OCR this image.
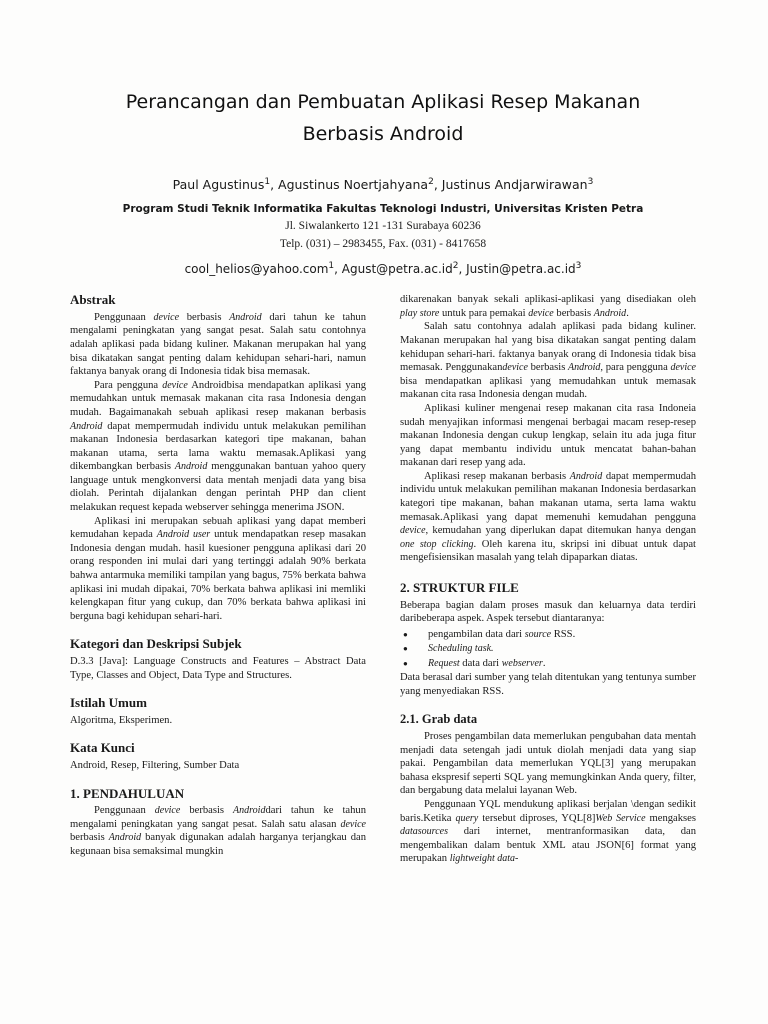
Perancangan dan Pembuatan Aplikasi Resep Makanan
Berbasis Android
Paul Agustinus$^1$, Agustinus Noertjahyana$^2$, Justinus Andjarwirawan$^3$
Program Studi Teknik Informatika Fakultas Teknologi Industri, Universitas Kristen Petra
Jl. Siwalankerto 121 -131 Surabaya 60236
Telp. (031) – 2983455, Fax. (031) - 8417658
cool_helios@yahoo.com$^1$, $Agust@petra.ac.id^2$, $Justin@petra.ac.id^3$
Abstrak

Penggunaan device berbasis Android dari tahun ke tahun mengalami peningkatan yang sangat pesat. Salah satu contohnya adalah aplikasi pada bidang kuliner. Makanan merupakan hal yang bisa dikatakan sangat penting dalam kehidupan sehari-hari, namun faktanya banyak orang di Indonesia tidak bisa memasak.

Para pengguna device Androidbisa mendapatkan aplikasi yang memudahkan untuk memasak makanan cita rasa Indonesia dengan mudah. Bagaimanakah sebuah aplikasi resep makanan berbasis Android dapat mempermudah individu untuk melakukan pemilihan makanan Indonesia berdasarkan kategori tipe makanan, bahan makanan utama, serta lama waktu memasak.Aplikasi yang dikembangkan berbasis Android menggunakan bantuan yahoo query language untuk mengkonversi data mentah menjadi data yang bisa diolah. Perintah dijalankan dengan perintah PHP dan client melakukan request kepada webserver sehingga menerima JSON.

Aplikasi ini merupakan sebuah aplikasi yang dapat memberi kemudahan kepada Android user untuk mendapatkan resep masakan Indonesia dengan mudah. hasil kuesioner pengguna aplikasi dari 20 orang responden ini mulai dari yang tertinggi adalah 90% berkata bahwa antarmuka memiliki tampilan yang bagus, 75% berkata bahwa aplikasi ini mudah dipakai, 70% berkata bahwa aplikasi ini memliki kelengkapan fitur yang cukup, dan 70% berkata bahwa aplikasi ini berguna bagi kehidupan sehari-hari.

Kategori dan Deskripsi Subjek

D.3.3 [Java]: Language Constructs and Features – Abstract Data Type, Classes and Object, Data Type and Structures.

Istilah Umum

Algoritma, Eksperimen.

Kata Kunci

Android, Resep, Filtering, Sumber Data

1. PENDAHULUAN

Penggunaan device berbasis Androiddari tahun ke tahun mengalami peningkatan yang sangat pesat. Salah satu alasan device berbasis Android banyak digunakan adalah harganya terjangkau dan kegunaan bisa semaksimal mungkin

dikarenakan banyak sekali aplikasi-aplikasi yang disediakan oleh play store untuk para pemakai device berbasis Android.

Salah satu contohnya adalah aplikasi pada bidang kuliner. Makanan merupakan hal yang bisa dikatakan sangat penting dalam kehidupan sehari-hari. faktanya banyak orang di Indonesia tidak bisa memasak. Penggunakandevice berbasis Android, para pengguna device bisa mendapatkan aplikasi yang memudahkan untuk memasak makanan cita rasa Indonesia dengan mudah.

Aplikasi kuliner mengenai resep makanan cita rasa Indoneia sudah menyajikan informasi mengenai berbagai macam resep-resep makanan Indonesia dengan cukup lengkap, selain itu ada juga fitur yang dapat membantu individu untuk mencatat bahan-bahan makanan dari resep yang ada.

Aplikasi resep makanan berbasis Android dapat mempermudah individu untuk melakukan pemilihan makanan Indonesia berdasarkan kategori tipe makanan, bahan makanan utama, serta lama waktu memasak.Aplikasi yang dapat memenuhi kemudahan pengguna device, kemudahan yang diperlukan dapat ditemukan hanya dengan one stop clicking. Oleh karena itu, skripsi ini dibuat untuk dapat mengefisiensikan masalah yang telah dipaparkan diatas.

2. STRUKTUR FILE

Beberapa bagian dalam proses masuk dan keluarnya data terdiri daribeberapa aspek. Aspek tersebut diantaranya:

● pengambilan data dari source RSS.
● Scheduling task.
● Request data dari webserver.

Data berasal dari sumber yang telah ditentukan yang tentunya sumber yang menyediakan RSS.

2.1. Grab data

Proses pengambilan data memerlukan pengubahan data mentah menjadi data setengah jadi untuk diolah menjadi data yang siap pakai. Pengambilan data memerlukan YQL[3] yang merupakan bahasa ekspresif seperti SQL yang memungkinkan Anda query, filter, dan bergabung data melalui layanan Web.

Penggunaan YQL mendukung aplikasi berjalan \dengan sedikit baris.Ketika query tersebut diproses, YQL[8]Web Service mengakses datasources dari internet, mentranformasikan data, dan mengembalikan dalam bentuk XML atau JSON[6] format yang merupakan lightweight data-
